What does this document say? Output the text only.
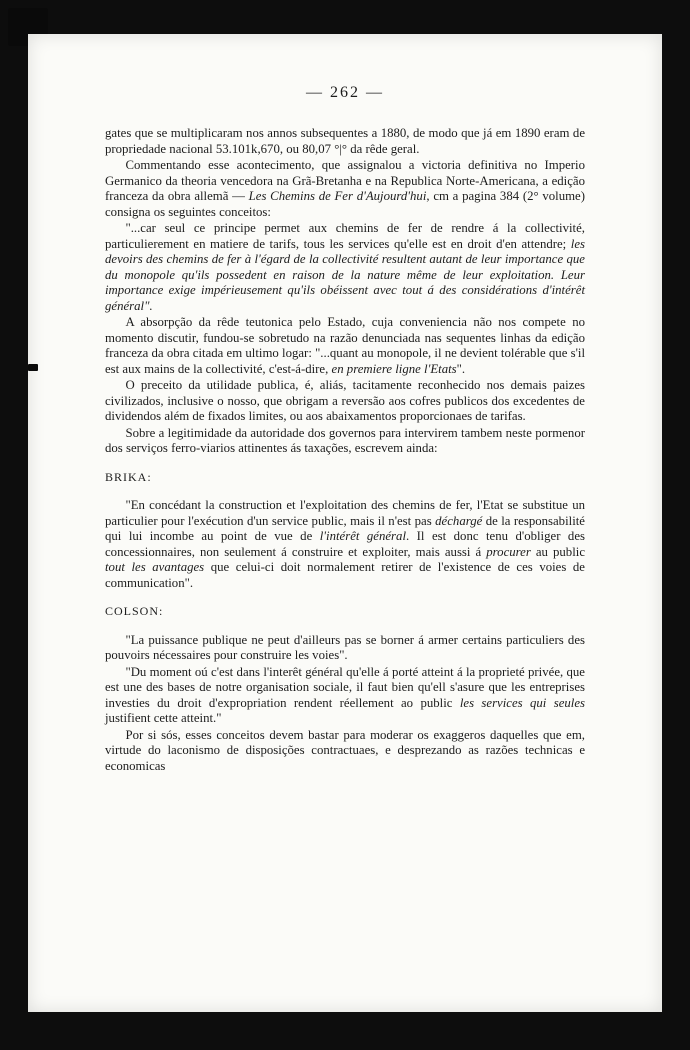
— 262 —

gates que se multiplicaram nos annos subsequentes a 1880, de modo que já em 1890 eram de propriedade nacional 53.101k,670, ou 80,07 °|° da rêde geral.

Commentando esse acontecimento, que assignalou a victoria definitiva no Imperio Germanico da theoria vencedora na Grã-Bretanha e na Republica Norte-Americana, a edição franceza da obra allemã — Les Chemins de Fer d'Aujourd'hui, cm a pagina 384 (2° volume) consigna os seguintes conceitos:

"...car seul ce principe permet aux chemins de fer de rendre á la collectivité, particulierement en matiere de tarifs, tous les services qu'elle est en droit d'en attendre; les devoirs des chemins de fer à l'égard de la collectivité resultent autant de leur importance que du monopole qu'ils possedent en raison de la nature même de leur exploitation. Leur importance exige impérieusement qu'ils obéissent avec tout á des considérations d'intérêt général".

A absorpção da rêde teutonica pelo Estado, cuja conveniencia não nos compete no momento discutir, fundou-se sobretudo na razão denunciada nas sequentes linhas da edição franceza da obra citada em ultimo logar: "...quant au monopole, il ne devient tolérable que s'il est aux mains de la collectivité, c'est-á-dire, en premiere ligne l'Etats".

O preceito da utilidade publica, é, aliás, tacitamente reconhecido nos demais paizes civilizados, inclusive o nosso, que obrigam a reversão aos cofres publicos dos excedentes de dividendos além de fixados limites, ou aos abaixamentos proporcionaes de tarifas.

Sobre a legitimidade da autoridade dos governos para intervirem tambem neste pormenor dos serviços ferro-viarios attinentes ás taxações, escrevem ainda:

BRIKA:

"En concédant la construction et l'exploitation des chemins de fer, l'Etat se substitue un particulier pour l'exécution d'un service public, mais il n'est pas déchargé de la responsabilité qui lui incombe au point de vue de l'intérêt général. Il est donc tenu d'obliger des concessionnaires, non seulement á construire et exploiter, mais aussi á procurer au public tout les avantages que celui-ci doit normalement retirer de l'existence de ces voies de communication".

COLSON:

"La puissance publique ne peut d'ailleurs pas se borner á armer certains particuliers des pouvoirs nécessaires pour construire les voies".

"Du moment oú c'est dans l'interêt général qu'elle á porté atteint á la proprieté privée, que est une des bases de notre organisation sociale, il faut bien qu'ell s'asure que les entreprises investies du droit d'expropriation rendent réellement ao public les services qui seules justifient cette atteint."

Por si sós, esses conceitos devem bastar para moderar os exaggeros daquelles que em, virtude do laconismo de disposições contractuaes, e desprezando as razões technicas e economicas
